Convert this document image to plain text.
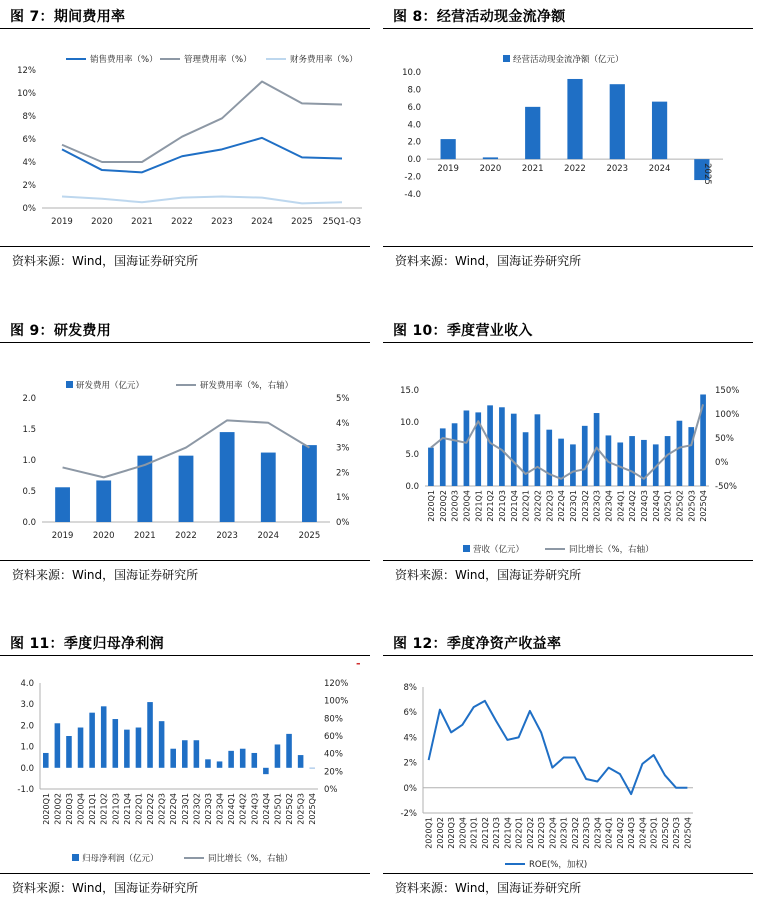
图 7：期间费用率
0%
2%
4%
6%
8%
10%
12%
2019 2020 2021 2022 2023 2024 2025 25Q1-Q3
销售费用率（%）	管理费用率（%）	财务费用率（%）
资料来源：Wind，国海证券研究所
图 8：经营活动现金流净额
-4.0
-2.0
0.0
2.0
4.0
6.0
8.0
10.0
2019 2020 2021 2022 2023 2024	2025
经营活动现金流净额（亿元）
资料来源：Wind，国海证券研究所
图 9：研发费用
0.0
0.5
1.0
1.5
2.0
0%
1%
2%
3%
4%
5%
2019 2020 2021 2022 2023 2024 2025
研发费用（亿元）	研发费用率（%，右轴）
资料来源：Wind，国海证券研究所
图 10：季度营业收入
0.0
5.0
10.0
15.0
-50%
0%
50%
100%
150%
2020Q1 2020Q2 2020Q3 2020Q4 2021Q1 2021Q2 2021Q3 2021Q4 2022Q1 2022Q2 2022Q3 2022Q4 2023Q1 2023Q2 2023Q3 2023Q4 2024Q1 2024Q2 2024Q3 2024Q4 2025Q1 2025Q2 2025Q3 2025Q4
营收（亿元）	同比增长（%，右轴）
资料来源：Wind，国海证券研究所
图 11：季度归母净利润
-1.0
0.0
1.0
2.0
3.0
4.0
0%
20%
40%
60%
80%
100%
120%
2020Q1 2020Q2 2020Q3 2020Q4 2021Q1 2021Q2 2021Q3 2021Q4 2022Q1 2022Q2 2022Q3 2022Q4 2023Q1 2023Q2 2023Q3 2023Q4 2024Q1 2024Q2 2024Q3 2024Q4 2025Q1 2025Q2 2025Q3 2025Q4
归母净利润（亿元）	同比增长（%，右轴）
-
资料来源：Wind，国海证券研究所
图 12：季度净资产收益率
-2%
0%
2%
4%
6%
8%
2020Q1 2020Q2 2020Q3 2020Q4 2021Q1 2021Q2 2021Q3 2021Q4 2022Q1 2022Q2 2022Q3 2022Q4 2023Q1 2023Q2 2023Q3 2023Q4 2024Q1 2024Q2 2024Q3 2024Q4 2025Q1 2025Q2 2025Q3 2025Q4
ROE(%，加权)
资料来源：Wind，国海证券研究所
